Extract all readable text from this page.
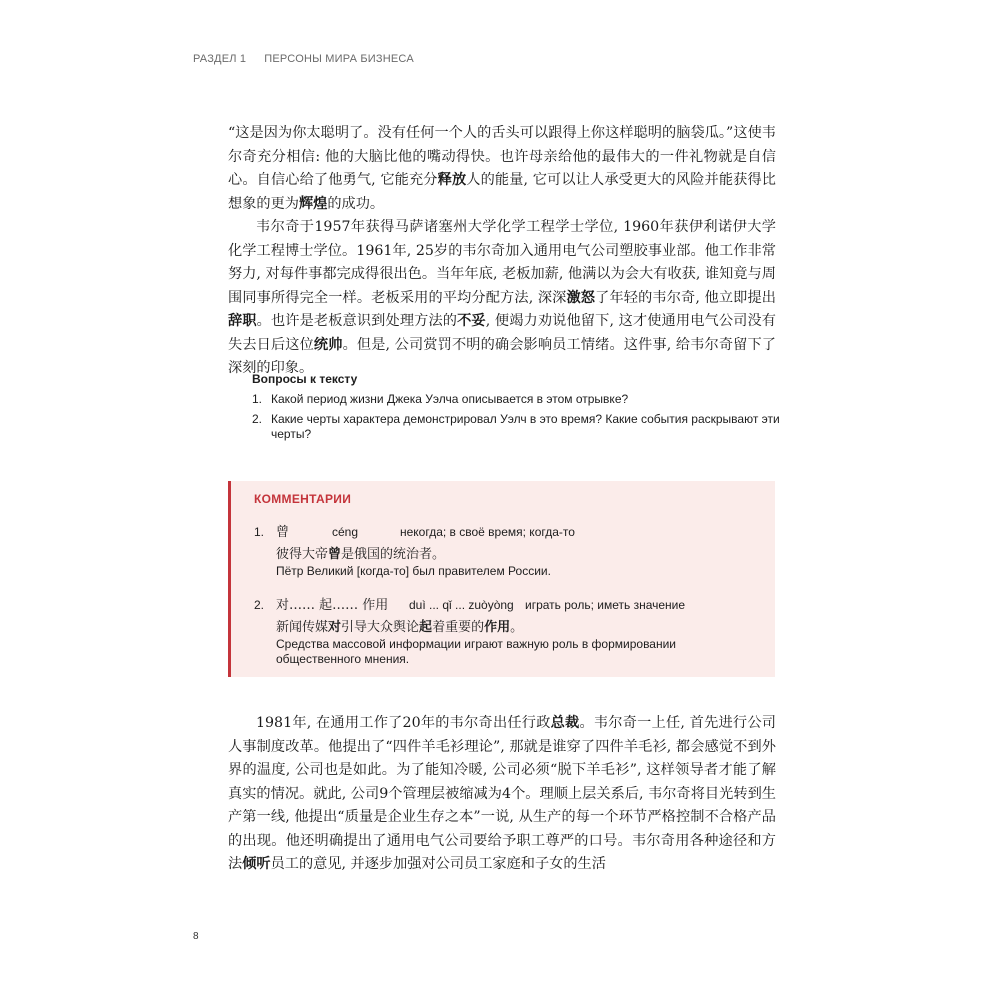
РАЗДЕЛ 1 ПЕРСОНЫ МИРА БИЗНЕСА

“这是因为你太聪明了。没有任何一个人的舌头可以跟得上你这样聪明的脑袋瓜。”这使韦尔奇充分相信: 他的大脑比他的嘴动得快。也许母亲给他的最伟大的一件礼物就是自信心。自信心给了他勇气, 它能充分释放人的能量, 它可以让人承受更大的风险并能获得比想象的更为辉煌的成功。

韦尔奇于1957年获得马萨诸塞州大学化学工程学士学位, 1960年获伊利诺伊大学化学工程博士学位。1961年, 25岁的韦尔奇加入通用电气公司塑胶事业部。他工作非常努力, 对每件事都完成得很出色。当年年底, 老板加薪, 他满以为会大有收获, 谁知竟与周围同事所得完全一样。老板采用的平均分配方法, 深深激怒了年轻的韦尔奇, 他立即提出辞职。也许是老板意识到处理方法的不妥, 便竭力劝说他留下, 这才使通用电气公司没有失去日后这位统帅。但是, 公司赏罚不明的确会影响员工情绪。这件事, 给韦尔奇留下了深刻的印象。

Вопросы к тексту
1. Какой период жизни Джека Уэлча описывается в этом отрывке?
2. Какие черты характера демонстрировал Уэлч в это время? Какие события раскрывают эти черты?
КОММЕНТАРИИ
1. 曾	céng	некогда; в своё время; когда-то
彼得大帝曾是俄国的统治者。
Пётр Великий [когда-то] был правителем России.
2. 对…… 起…… 作用	duì ... qǐ ... zuòyòng играть роль; иметь значение
新闻传媒对引导大众舆论起着重要的作用。
Средства массовой информации играют важную роль в формировании общественного мнения.

1981年, 在通用工作了20年的韦尔奇出任行政总裁。韦尔奇一上任, 首先进行公司人事制度改革。他提出了“四件羊毛衫理论”, 那就是谁穿了四件羊毛衫, 都会感觉不到外界的温度, 公司也是如此。为了能知冷暖, 公司必须“脱下羊毛衫”, 这样领导者才能了解真实的情况。就此, 公司9个管理层被缩减为4个。理顺上层关系后, 韦尔奇将目光转到生产第一线, 他提出“质量是企业生存之本”一说, 从生产的每一个环节严格控制不合格产品的出现。他还明确提出了通用电气公司要给予职工尊严的口号。韦尔奇用各种途径和方法倾听员工的意见, 并逐步加强对公司员工家庭和子女的生活

8
